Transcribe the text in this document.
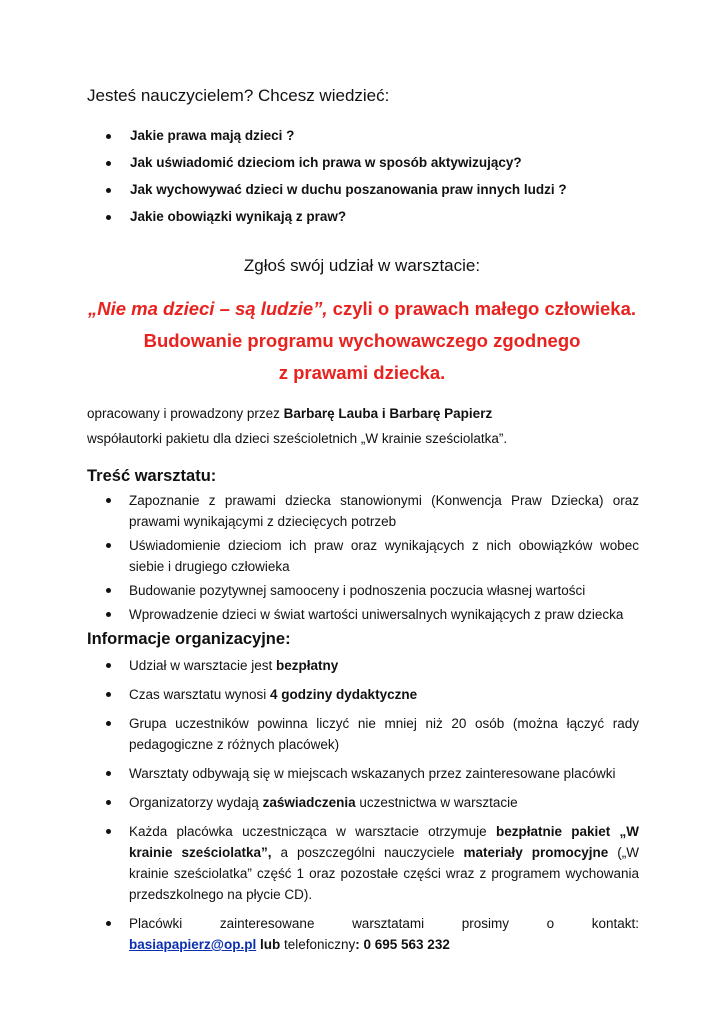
Jesteś nauczycielem? Chcesz wiedzieć:

Jakie prawa mają dzieci ?
Jak uświadomić dzieciom ich prawa w sposób aktywizujący?
Jak wychowywać dzieci w duchu poszanowania praw innych ludzi ?
Jakie obowiązki wynikają z praw?

Zgłoś swój udział w warsztacie:

„Nie ma dzieci – są ludzie”, czyli o prawach małego człowieka.

Budowanie programu wychowawczego zgodnego

z prawami dziecka.

opracowany i prowadzony przez Barbarę Lauba i Barbarę Papierz

współautorki pakietu dla dzieci sześcioletnich „W krainie sześciolatka”.

Treść warsztatu:
Zapoznanie z prawami dziecka stanowionymi (Konwencja Praw Dziecka) oraz prawami wynikającymi z dziecięcych potrzeb
Uświadomienie dzieciom ich praw oraz wynikających z nich obowiązków wobec siebie i drugiego człowieka
Budowanie pozytywnej samooceny i podnoszenia poczucia własnej wartości
Wprowadzenie dzieci w świat wartości uniwersalnych wynikających z praw dziecka
Informacje organizacyjne:
Udział w warsztacie jest bezpłatny
Czas warsztatu wynosi 4 godziny dydaktyczne
Grupa uczestników powinna liczyć nie mniej niż 20 osób (można łączyć rady pedagogiczne z różnych placówek)
Warsztaty odbywają się w miejscach wskazanych przez zainteresowane placówki
Organizatorzy wydają zaświadczenia uczestnictwa w warsztacie
Każda placówka uczestnicząca w warsztacie otrzymuje bezpłatnie pakiet „W krainie sześciolatka”, a poszczególni nauczyciele materiały promocyjne („W krainie sześciolatka” część 1 oraz pozostałe części wraz z programem wychowania przedszkolnego na płycie CD).
Placówki	zainteresowane	warsztatami	prosimy	o	kontakt:
basiapapierz@op.pl lub telefoniczny: 0 695 563 232
